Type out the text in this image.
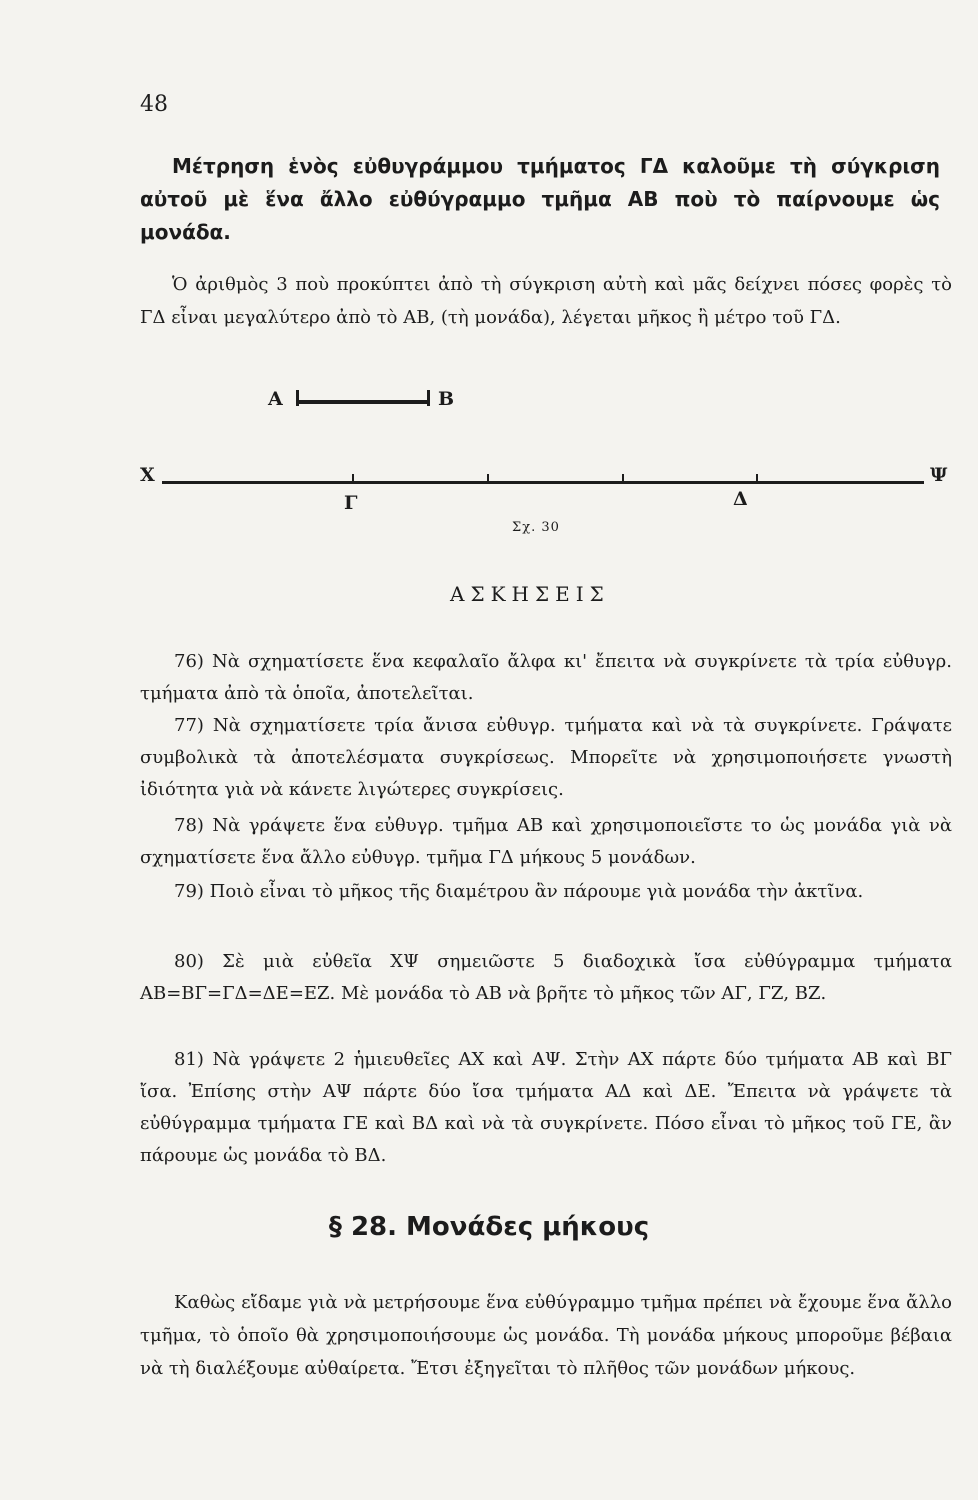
48

Μέτρηση ἑνὸς εὐθυγράμμου τμήματος ΓΔ καλοῦμε τὴ σύγκριση αὐτοῦ μὲ ἕνα ἄλλο εὐθύγραμμο τμῆμα ΑΒ ποὺ τὸ παίρνουμε ὡς μονάδα.

Ὁ ἀριθμὸς 3 ποὺ προκύπτει ἀπὸ τὴ σύγκριση αὐτὴ καὶ μᾶς δείχνει πόσες φορὲς τὸ ΓΔ εἶναι μεγαλύτερο ἀπὸ τὸ ΑΒ, (τὴ μονάδα), λέγεται μῆκος ἢ μέτρο τοῦ ΓΔ.

Α	Β
Χ	Ψ
Γ	Δ
Σχ. 30
ΑΣΚΗΣΕΙΣ

76) Νὰ σχηματίσετε ἕνα κεφαλαῖο ἄλφα κι' ἔπειτα νὰ συγκρίνετε τὰ τρία εὐθυγρ. τμήματα ἀπὸ τὰ ὁποῖα, ἀποτελεῖται.

77) Νὰ σχηματίσετε τρία ἄνισα εὐθυγρ. τμήματα καὶ νὰ τὰ συγκρίνετε. Γράψατε συμβολικὰ τὰ ἀποτελέσματα συγκρίσεως. Μπορεῖτε νὰ χρησιμοποιήσετε γνωστὴ ἰδιότητα γιὰ νὰ κάνετε λιγώτερες συγκρίσεις.

78) Νὰ γράψετε ἕνα εὐθυγρ. τμῆμα ΑΒ καὶ χρησιμοποιεῖστε το ὡς μονάδα γιὰ νὰ σχηματίσετε ἕνα ἄλλο εὐθυγρ. τμῆμα ΓΔ μήκους 5 μονάδων.

79) Ποιὸ εἶναι τὸ μῆκος τῆς διαμέτρου ἂν πάρουμε γιὰ μονάδα τὴν ἀκτῖνα.

80) Σὲ μιὰ εὐθεῖα ΧΨ σημειῶστε 5 διαδοχικὰ ἴσα εὐθύγραμμα τμήματα ΑΒ=ΒΓ=ΓΔ=ΔΕ=ΕΖ. Μὲ μονάδα τὸ ΑΒ νὰ βρῆτε τὸ μῆκος τῶν ΑΓ, ΓΖ, ΒΖ.

81) Νὰ γράψετε 2 ἡμιευθεῖες ΑΧ καὶ ΑΨ. Στὴν ΑΧ πάρτε δύο τμήματα ΑΒ καὶ ΒΓ ἴσα. Ἐπίσης στὴν ΑΨ πάρτε δύο ἴσα τμήματα ΑΔ καὶ ΔΕ. Ἔπειτα νὰ γράψετε τὰ εὐθύγραμμα τμήματα ΓΕ καὶ ΒΔ καὶ νὰ τὰ συγκρίνετε. Πόσο εἶναι τὸ μῆκος τοῦ ΓΕ, ἂν πάρουμε ὡς μονάδα τὸ ΒΔ.

§ 28. Μονάδες μήκους

Καθὼς εἴδαμε γιὰ νὰ μετρήσουμε ἕνα εὐθύγραμμο τμῆμα πρέπει νὰ ἔχουμε ἕνα ἄλλο τμῆμα, τὸ ὁποῖο θὰ χρησιμοποιήσουμε ὡς μονάδα. Τὴ μονάδα μήκους μποροῦμε βέβαια νὰ τὴ διαλέξουμε αὐθαίρετα. Ἔτσι ἐξηγεῖται τὸ πλῆθος τῶν μονάδων μήκους.
